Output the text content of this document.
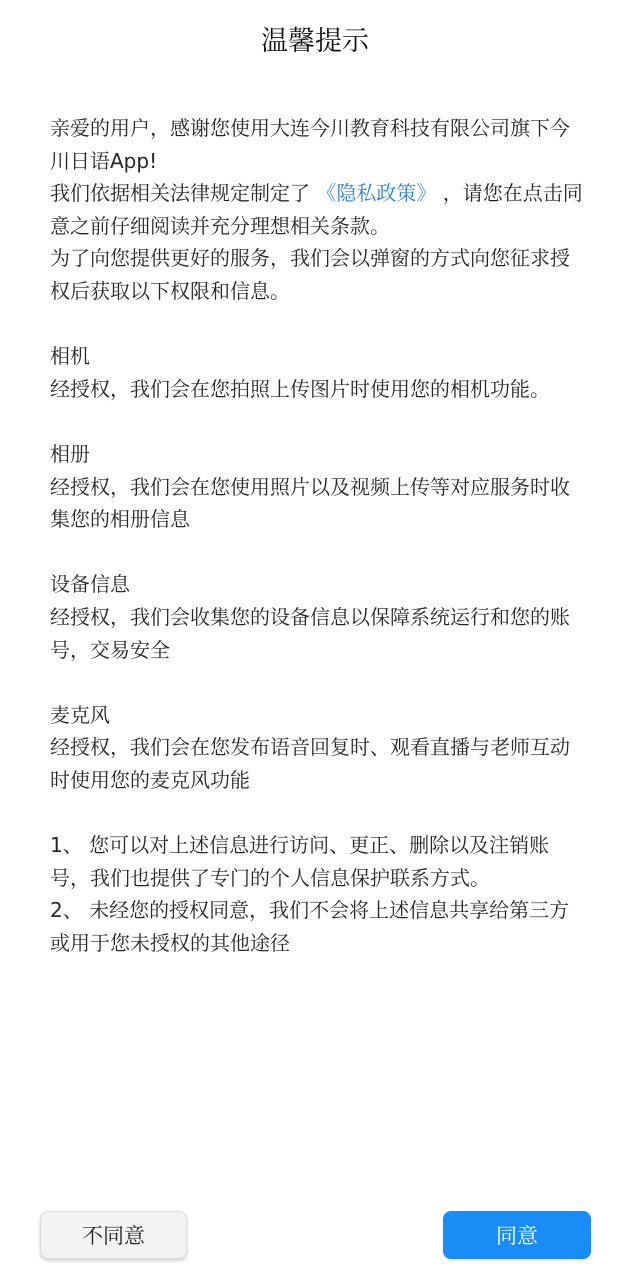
温馨提示

亲爱的用户，感谢您使用大连今川教育科技有限公司旗下今川日语App!

我们依据相关法律规定制定了 《隐私政策》 ，请您在点击同意之前仔细阅读并充分理想相关条款。

为了向您提供更好的服务，我们会以弹窗的方式向您征求授权后获取以下权限和信息。

相机

经授权，我们会在您拍照上传图片时使用您的相机功能。

相册

经授权，我们会在您使用照片以及视频上传等对应服务时收集您的相册信息

设备信息

经授权，我们会收集您的设备信息以保障系统运行和您的账号，交易安全

麦克风

经授权，我们会在您发布语音回复时、观看直播与老师互动时使用您的麦克风功能

1、 您可以对上述信息进行访问、更正、删除以及注销账号，我们也提供了专门的个人信息保护联系方式。

2、 未经您的授权同意，我们不会将上述信息共享给第三方或用于您未授权的其他途径

不同意	同意
